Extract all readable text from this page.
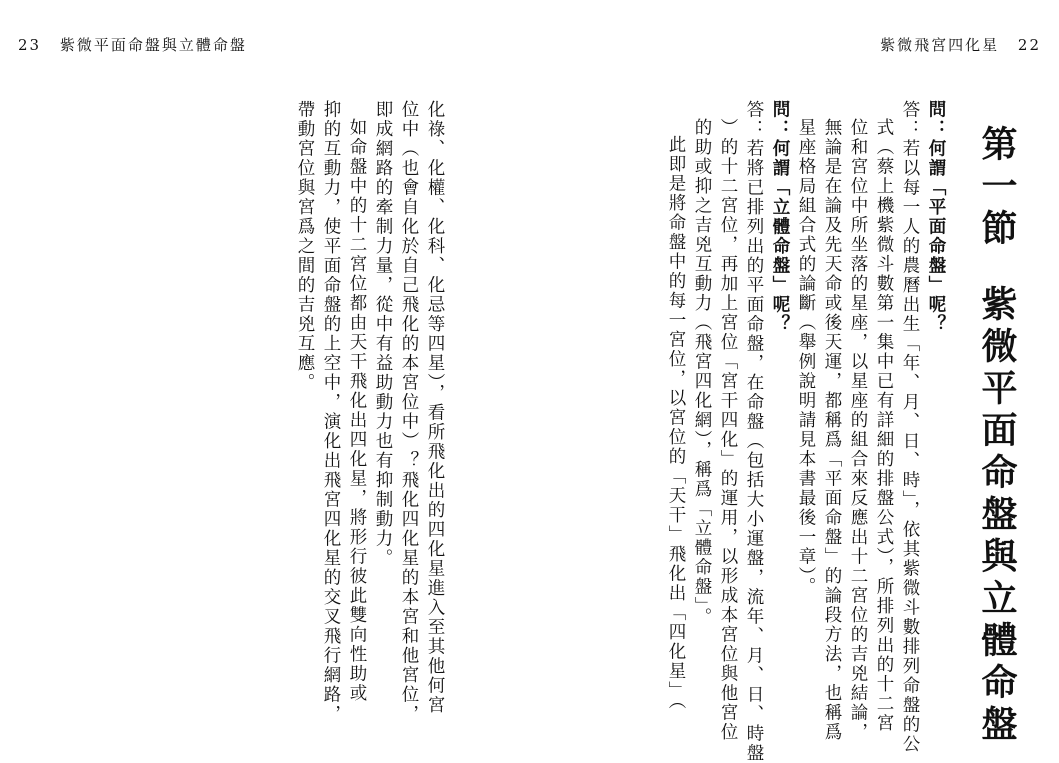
23 紫微平面命盤與立體命盤
化祿、化權、化科、化忌等四星），看所飛化出的四化星進入至其他何宮
位中（也會自化於自己飛化的本宮位中）？飛化四化星的本宮和他宮位，
即成網路的牽制力量，從中有益助動力也有抑制動力。
如命盤中的十二宮位都由天干飛化出四化星，將形行彼此雙向性助或
抑的互動力，使平面命盤的上空中，演化出飛宮四化星的交叉飛行網路，
帶動宮位與宮爲之間的吉兇互應。
紫微飛宮四化星 22
第一節紫微平面命盤與立體命盤
問：何謂「平面命盤」呢？
答：若以每一人的農曆出生「年、月、日、時」，依其紫微斗數排列命盤的公
式（蔡上機紫微斗數第一集中已有詳細的排盤公式），所排列出的十二宮
位和宮位中所坐落的星座，以星座的組合來反應出十二宮位的吉兇結論，
無論是在論及先天命或後天運，都稱爲「平面命盤」的論段方法，也稱爲
星座格局組合式的論斷（舉例說明請見本書最後一章）。
問：何謂「立體命盤」呢？
答：若將已排列出的平面命盤，在命盤（包括大小運盤，流年、月、日、時盤
）的十二宮位，再加上宮位「宮干四化」的運用，以形成本宮位與他宮位
的助或抑之吉兇互動力（飛宮四化網），稱爲「立體命盤」。
此即是將命盤中的每一宮位，以宮位的「天干」飛化出「四化星」（
